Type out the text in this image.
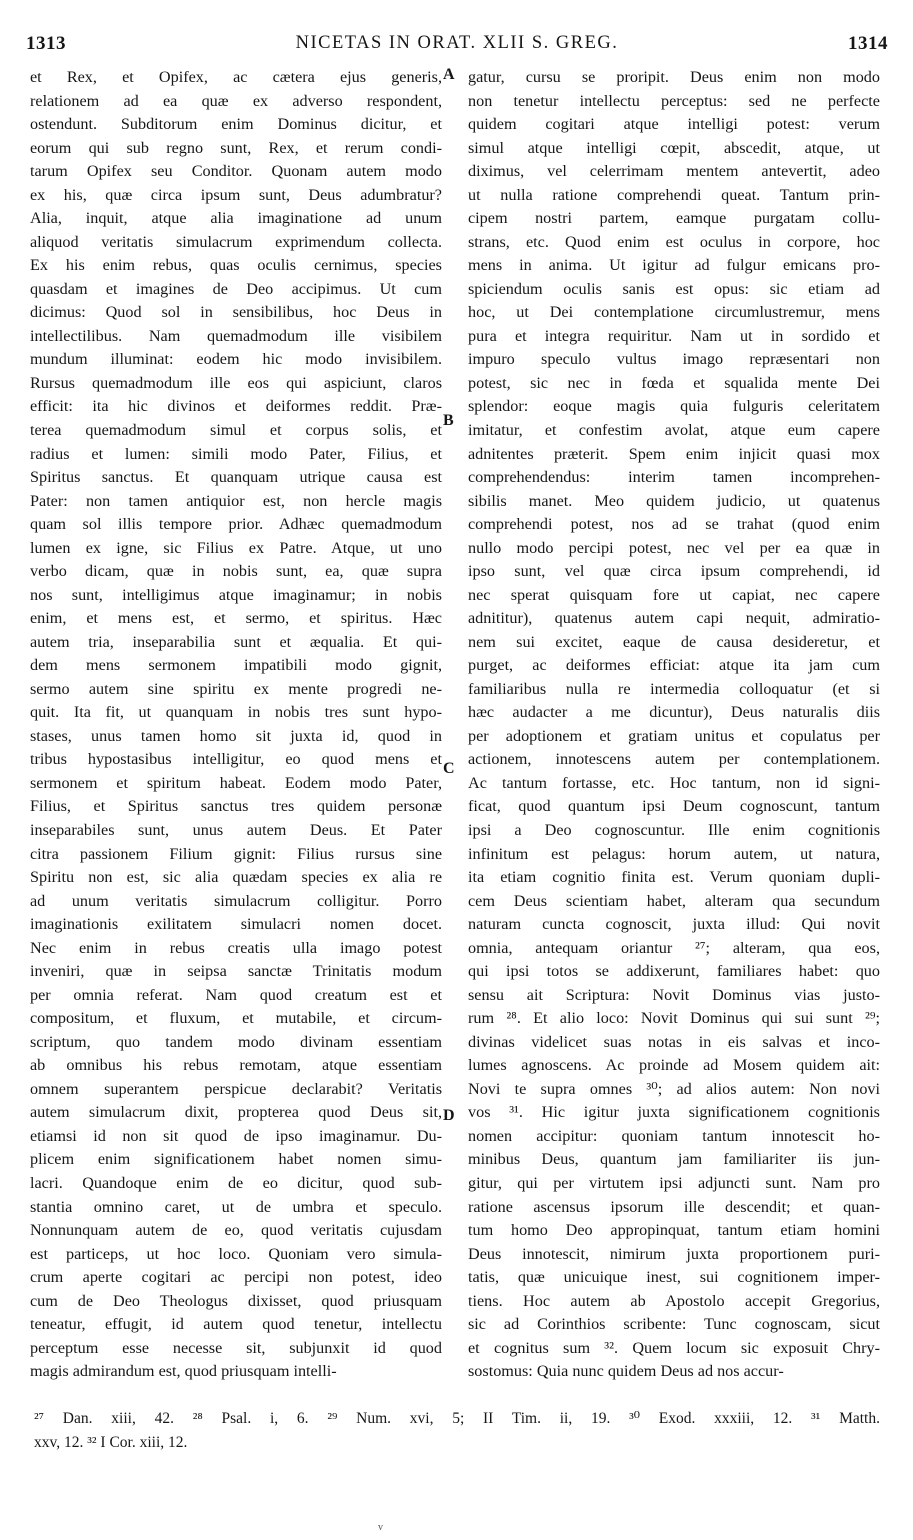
1313	NICETAS IN ORAT. XLII S. GREG.	1314
et Rex, et Opifex, ac cætera ejus generis,
relationem ad ea quæ ex adverso respondent,
ostendunt. Subditorum enim Dominus dicitur, et
eorum qui sub regno sunt, Rex, et rerum condi-
tarum Opifex seu Conditor. Quonam autem modo
ex his, quæ circa ipsum sunt, Deus adumbratur?
Alia, inquit, atque alia imaginatione ad unum
aliquod veritatis simulacrum exprimendum collecta.
Ex his enim rebus, quas oculis cernimus, species
quasdam et imagines de Deo accipimus. Ut cum
dicimus: Quod sol in sensibilibus, hoc Deus in
intellectilibus. Nam quemadmodum ille visibilem
mundum illuminat: eodem hic modo invisibilem.
Rursus quemadmodum ille eos qui aspiciunt, claros
efficit: ita hic divinos et deiformes reddit. Præ-
terea quemadmodum simul et corpus solis, et
radius et lumen: simili modo Pater, Filius, et
Spiritus sanctus. Et quanquam utrique causa est
Pater: non tamen antiquior est, non hercle magis
quam sol illis tempore prior. Adhæc quemadmodum
lumen ex igne, sic Filius ex Patre. Atque, ut uno
verbo dicam, quæ in nobis sunt, ea, quæ supra
nos sunt, intelligimus atque imaginamur; in nobis
enim, et mens est, et sermo, et spiritus. Hæc
autem tria, inseparabilia sunt et æqualia. Et qui-
dem mens sermonem impatibili modo gignit,
sermo autem sine spiritu ex mente progredi ne-
quit. Ita fit, ut quanquam in nobis tres sunt hypo-
stases, unus tamen homo sit juxta id, quod in
tribus hypostasibus intelligitur, eo quod mens et
sermonem et spiritum habeat. Eodem modo Pater,
Filius, et Spiritus sanctus tres quidem personæ
inseparabiles sunt, unus autem Deus. Et Pater
citra passionem Filium gignit: Filius rursus sine
Spiritu non est, sic alia quædam species ex alia re
ad unum veritatis simulacrum colligitur. Porro
imaginationis exilitatem simulacri nomen docet.
Nec enim in rebus creatis ulla imago potest
inveniri, quæ in seipsa sanctæ Trinitatis modum
per omnia referat. Nam quod creatum est et
compositum, et fluxum, et mutabile, et circum-
scriptum, quo tandem modo divinam essentiam
ab omnibus his rebus remotam, atque essentiam
omnem superantem perspicue declarabit? Veritatis
autem simulacrum dixit, propterea quod Deus sit,
etiamsi id non sit quod de ipso imaginamur. Du-
plicem enim significationem habet nomen simu-
lacri. Quandoque enim de eo dicitur, quod sub-
stantia omnino caret, ut de umbra et speculo.
Nonnunquam autem de eo, quod veritatis cujusdam
est particeps, ut hoc loco. Quoniam vero simula-
crum aperte cogitari ac percipi non potest, ideo
cum de Deo Theologus dixisset, quod priusquam
teneatur, effugit, id autem quod tenetur, intellectu
perceptum esse necesse sit, subjunxit id quod
magis admirandum est, quod priusquam intelli-
gatur, cursu se proripit. Deus enim non modo
non tenetur intellectu perceptus: sed ne perfecte
quidem cogitari atque intelligi potest: verum
simul atque intelligi cœpit, abscedit, atque, ut
diximus, vel celerrimam mentem antevertit, adeo
ut nulla ratione comprehendi queat. Tantum prin-
cipem nostri partem, eamque purgatam collu-
strans, etc. Quod enim est oculus in corpore, hoc
mens in anima. Ut igitur ad fulgur emicans pro-
spiciendum oculis sanis est opus: sic etiam ad
hoc, ut Dei contemplatione circumlustremur, mens
pura et integra requiritur. Nam ut in sordido et
impuro speculo vultus imago repræsentari non
potest, sic nec in fœda et squalida mente Dei
splendor: eoque magis quia fulguris celeritatem
imitatur, et confestim avolat, atque eum capere
adnitentes præterit. Spem enim injicit quasi mox
comprehendendus: interim tamen incomprehen-
sibilis manet. Meo quidem judicio, ut quatenus
comprehendi potest, nos ad se trahat (quod enim
nullo modo percipi potest, nec vel per ea quæ in
ipso sunt, vel quæ circa ipsum comprehendi, id
nec sperat quisquam fore ut capiat, nec capere
adnititur), quatenus autem capi nequit, admiratio-
nem sui excitet, eaque de causa desideretur, et
purget, ac deiformes efficiat: atque ita jam cum
familiaribus nulla re intermedia colloquatur (et si
hæc audacter a me dicuntur), Deus naturalis diis
per adoptionem et gratiam unitus et copulatus per
actionem, innotescens autem per contemplationem.
Ac tantum fortasse, etc. Hoc tantum, non id signi-
ficat, quod quantum ipsi Deum cognoscunt, tantum
ipsi a Deo cognoscuntur. Ille enim cognitionis
infinitum est pelagus: horum autem, ut natura,
ita etiam cognitio finita est. Verum quoniam dupli-
cem Deus scientiam habet, alteram qua secundum
naturam cuncta cognoscit, juxta illud: Qui novit
omnia, antequam oriantur ²⁷; alteram, qua eos,
qui ipsi totos se addixerunt, familiares habet: quo
sensu ait Scriptura: Novit Dominus vias justo-
rum ²⁸. Et alio loco: Novit Dominus qui sui sunt ²⁹;
divinas videlicet suas notas in eis salvas et inco-
lumes agnoscens. Ac proinde ad Mosem quidem ait:
Novi te supra omnes ³⁰; ad alios autem: Non novi
vos ³¹. Hic igitur juxta significationem cognitionis
nomen accipitur: quoniam tantum innotescit ho-
minibus Deus, quantum jam familiariter iis jun-
gitur, qui per virtutem ipsi adjuncti sunt. Nam pro
ratione ascensus ipsorum ille descendit; et quan-
tum homo Deo appropinquat, tantum etiam homini
Deus innotescit, nimirum juxta proportionem puri-
tatis, quæ unicuique inest, sui cognitionem imper-
tiens. Hoc autem ab Apostolo accepit Gregorius,
sic ad Corinthios scribente: Tunc cognoscam, sicut
et cognitus sum ³². Quem locum sic exposuit Chry-
sostomus: Quia nunc quidem Deus ad nos accur-
A
B
C
D
²⁷ Dan. xiii, 42. ²⁸ Psal. i, 6. ²⁹ Num. xvi, 5; II Tim. ii, 19. ³⁰ Exod. xxxiii, 12. ³¹ Matth.
xxv, 12. ³² I Cor. xiii, 12.
v
